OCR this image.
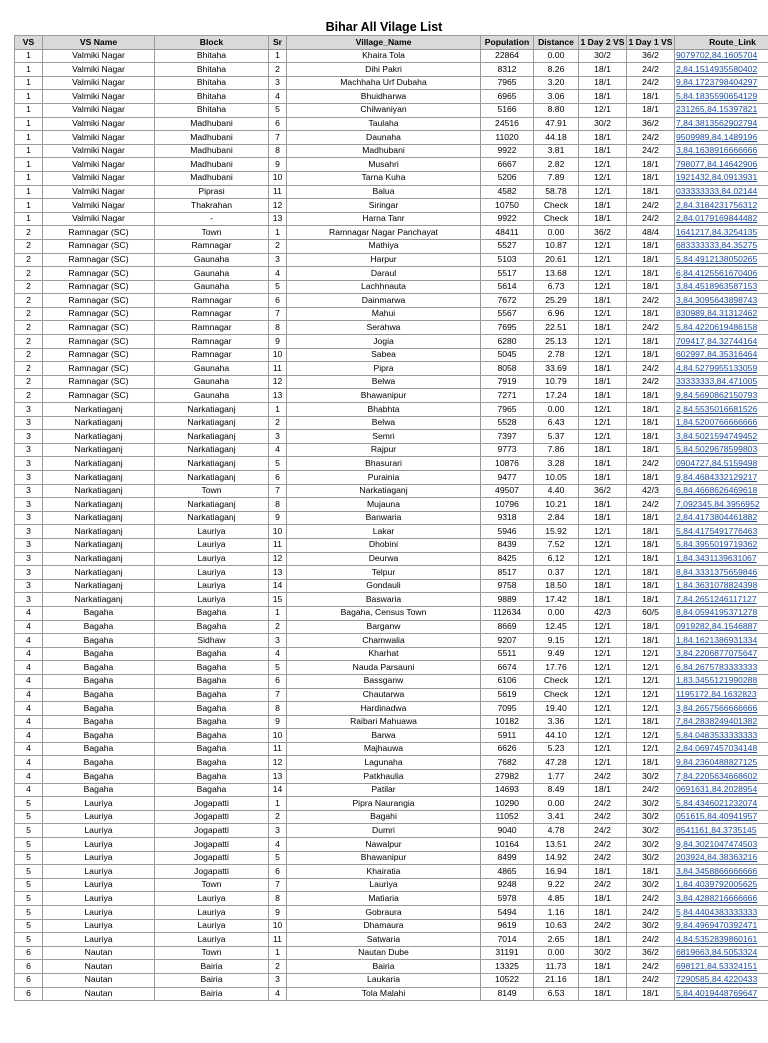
Bihar All Vilage List
VS	VS Name	Block	Sr	Village_Name	Population	Distance	1 Day 2 VS	1 Day 1 VS	Route_Link
1	Valmiki Nagar	Bhitaha	1	Khaira Tola	22864	0.00	30/2	36/2	9079702,84.1605704
1	Valmiki Nagar	Bhitaha	2	Dihi Pakri	8312	8.26	18/1	24/2	2,84.1514935580402
1	Valmiki Nagar	Bhitaha	3	Machhaha Urf Dubaha	7965	3.20	18/1	24/2	9,84.1723798404297
1	Valmiki Nagar	Bhitaha	4	Bhuidharwa	6965	3.06	18/1	18/1	5,84.1835590654129
1	Valmiki Nagar	Bhitaha	5	Chilwaniyan	5166	8.80	12/1	18/1	231265,84.15397821
1	Valmiki Nagar	Madhubani	6	Taulaha	24516	47.91	30/2	36/2	7,84.3813562902794
1	Valmiki Nagar	Madhubani	7	Daunaha	11020	44.18	18/1	24/2	9509989,84.1489196
1	Valmiki Nagar	Madhubani	8	Madhubani	9922	3.81	18/1	24/2	3,84.1638916666666
1	Valmiki Nagar	Madhubani	9	Musahri	6667	2.82	12/1	18/1	798077,84.14642906
1	Valmiki Nagar	Madhubani	10	Tarna Kuha	5206	7.89	12/1	18/1	1921432,84.0913931
1	Valmiki Nagar	Piprasi	11	Balua	4582	58.78	12/1	18/1	033333333,84.02144
1	Valmiki Nagar	Thakrahan	12	Siringar	10750	Check	18/1	24/2	2,84.3184231756312
1	Valmiki Nagar	-	13	Harna Tanr	9922	Check	18/1	24/2	2,84.0179169844482
2	Ramnagar (SC)	Town	1	Ramnagar Nagar Panchayat	48411	0.00	36/2	48/4	1641217,84.3254135
2	Ramnagar (SC)	Ramnagar	2	Mathiya	5527	10.87	12/1	18/1	683333333,84.35275
2	Ramnagar (SC)	Gaunaha	3	Harpur	5103	20.61	12/1	18/1	5,84.4912138050265
2	Ramnagar (SC)	Gaunaha	4	Daraul	5517	13.68	12/1	18/1	6,84.4125561670406
2	Ramnagar (SC)	Gaunaha	5	Lachhnauta	5614	6.73	12/1	18/1	3,84.4518963587153
2	Ramnagar (SC)	Ramnagar	6	Dainmarwa	7672	25.29	18/1	24/2	3,84.3095643898743
2	Ramnagar (SC)	Ramnagar	7	Mahui	5567	6.96	12/1	18/1	830989,84.31312462
2	Ramnagar (SC)	Ramnagar	8	Serahwa	7695	22.51	18/1	24/2	5,84.4220619486158
2	Ramnagar (SC)	Ramnagar	9	Jogia	6280	25.13	12/1	18/1	709417,84.32744164
2	Ramnagar (SC)	Ramnagar	10	Sabea	5045	2.78	12/1	18/1	602997,84.35316464
2	Ramnagar (SC)	Gaunaha	11	Pipra	8058	33.69	18/1	24/2	4,84.5279955133059
2	Ramnagar (SC)	Gaunaha	12	Belwa	7919	10.79	18/1	24/2	33333333,84.471005
2	Ramnagar (SC)	Gaunaha	13	Bhawanipur	7271	17.24	18/1	18/1	9,84.5690862150793
3	Narkatiaganj	Narkatiaganj	1	Bhabhta	7965	0.00	12/1	18/1	2,84.5535016681526
3	Narkatiaganj	Narkatiaganj	2	Belwa	5528	6.43	12/1	18/1	1,84.5200766666666
3	Narkatiaganj	Narkatiaganj	3	Semri	7397	5.37	12/1	18/1	3,84.5021594749452
3	Narkatiaganj	Narkatiaganj	4	Rajpur	9773	7.86	18/1	18/1	5,84.5029678599803
3	Narkatiaganj	Narkatiaganj	5	Bhasurari	10876	3.28	18/1	24/2	0904727,84.5159498
3	Narkatiaganj	Narkatiaganj	6	Purainia	9477	10.05	18/1	18/1	9,84.4684332129217
3	Narkatiaganj	Town	7	Narkatiaganj	49507	4.40	36/2	42/3	6,84.4668626469618
3	Narkatiaganj	Narkatiaganj	8	Mujauna	10796	10.21	18/1	24/2	7,092345,84.3956952
3	Narkatiaganj	Narkatiaganj	9	Banwaria	9318	2.84	18/1	18/1	2,84.4173804461882
3	Narkatiaganj	Lauriya	10	Lakar	5946	15.92	12/1	18/1	5,84.4175491776463
3	Narkatiaganj	Lauriya	11	Dhobini	8439	7.52	12/1	18/1	5,84.3955019719362
3	Narkatiaganj	Lauriya	12	Deurwa	8425	6.12	12/1	18/1	1,84.3431139631067
3	Narkatiaganj	Lauriya	13	Telpur	8517	0.37	12/1	18/1	8,84.3331375659846
3	Narkatiaganj	Lauriya	14	Gondauli	9758	18.50	18/1	18/1	1,84.3631078824398
3	Narkatiaganj	Lauriya	15	Baswaria	9889	17.42	18/1	18/1	7,84.2651246117127
4	Bagaha	Bagaha	1	Bagaha, Census Town	112634	0.00	42/3	60/5	8,84.0594195371278
4	Bagaha	Bagaha	2	Barganw	8669	12.45	12/1	18/1	0919282,84.1546887
4	Bagaha	Sidhaw	3	Chamwalia	9207	9.15	12/1	18/1	1,84.1621386931334
4	Bagaha	Bagaha	4	Kharhat	5511	9.49	12/1	12/1	3,84.2206877075647
4	Bagaha	Bagaha	5	Nauda Parsauni	6674	17.76	12/1	12/1	6,84.2675783333333
4	Bagaha	Bagaha	6	Bassganw	6106	Check	12/1	12/1	1,83.3455121990288
4	Bagaha	Bagaha	7	Chautarwa	5619	Check	12/1	12/1	1195172,84.1632823
4	Bagaha	Bagaha	8	Hardinadwa	7095	19.40	12/1	12/1	3,84.2657566666666
4	Bagaha	Bagaha	9	Raibari Mahuawa	10182	3.36	12/1	18/1	7,84.2838249401382
4	Bagaha	Bagaha	10	Barwa	5911	44.10	12/1	12/1	5,84.0483533333333
4	Bagaha	Bagaha	11	Majhauwa	6626	5.23	12/1	12/1	2,84.0697457034148
4	Bagaha	Bagaha	12	Lagunaha	7682	47.28	12/1	18/1	9,84.2360488827125
4	Bagaha	Bagaha	13	Patkhaulia	27982	1.77	24/2	30/2	7,84.2205634668602
4	Bagaha	Bagaha	14	Patilar	14693	8.49	18/1	24/2	0691631,84.2028954
5	Lauriya	Jogapatti	1	Pipra Naurangia	10290	0.00	24/2	30/2	5,84.4346021232074
5	Lauriya	Jogapatti	2	Bagahi	11052	3.41	24/2	30/2	051615,84.40941957
5	Lauriya	Jogapatti	3	Dumri	9040	4.78	24/2	30/2	8541161,84.3735145
5	Lauriya	Jogapatti	4	Nawalpur	10164	13.51	24/2	30/2	9,84.3021047474503
5	Lauriya	Jogapatti	5	Bhawanipur	8499	14.92	24/2	30/2	203924,84.38363216
5	Lauriya	Jogapatti	6	Khairatia	4865	16.94	18/1	18/1	3,84.3458866666666
5	Lauriya	Town	7	Lauriya	9248	9.22	24/2	30/2	1,84.4039792005625
5	Lauriya	Lauriya	8	Matiaria	5978	4.85	18/1	24/2	3,84.4288216666666
5	Lauriya	Lauriya	9	Gobraura	5494	1.16	18/1	24/2	5,84.4404383333333
5	Lauriya	Lauriya	10	Dhamaura	9619	10.63	24/2	30/2	9,84.4969470392471
5	Lauriya	Lauriya	11	Satwaria	7014	2.65	18/1	24/2	4,84.5352839860161
6	Nautan	Town	1	Nautan Dube	31191	0.00	30/2	36/2	6819663,84.5053324
6	Nautan	Bairia	2	Bairia	13325	11.73	18/1	24/2	698121,84.53324151
6	Nautan	Bairia	3	Laukaria	10522	21.16	18/1	24/2	7290585,84.4220433
6	Nautan	Bairia	4	Tola Malahi	8149	6.53	18/1	18/1	5,84.4019448769647
